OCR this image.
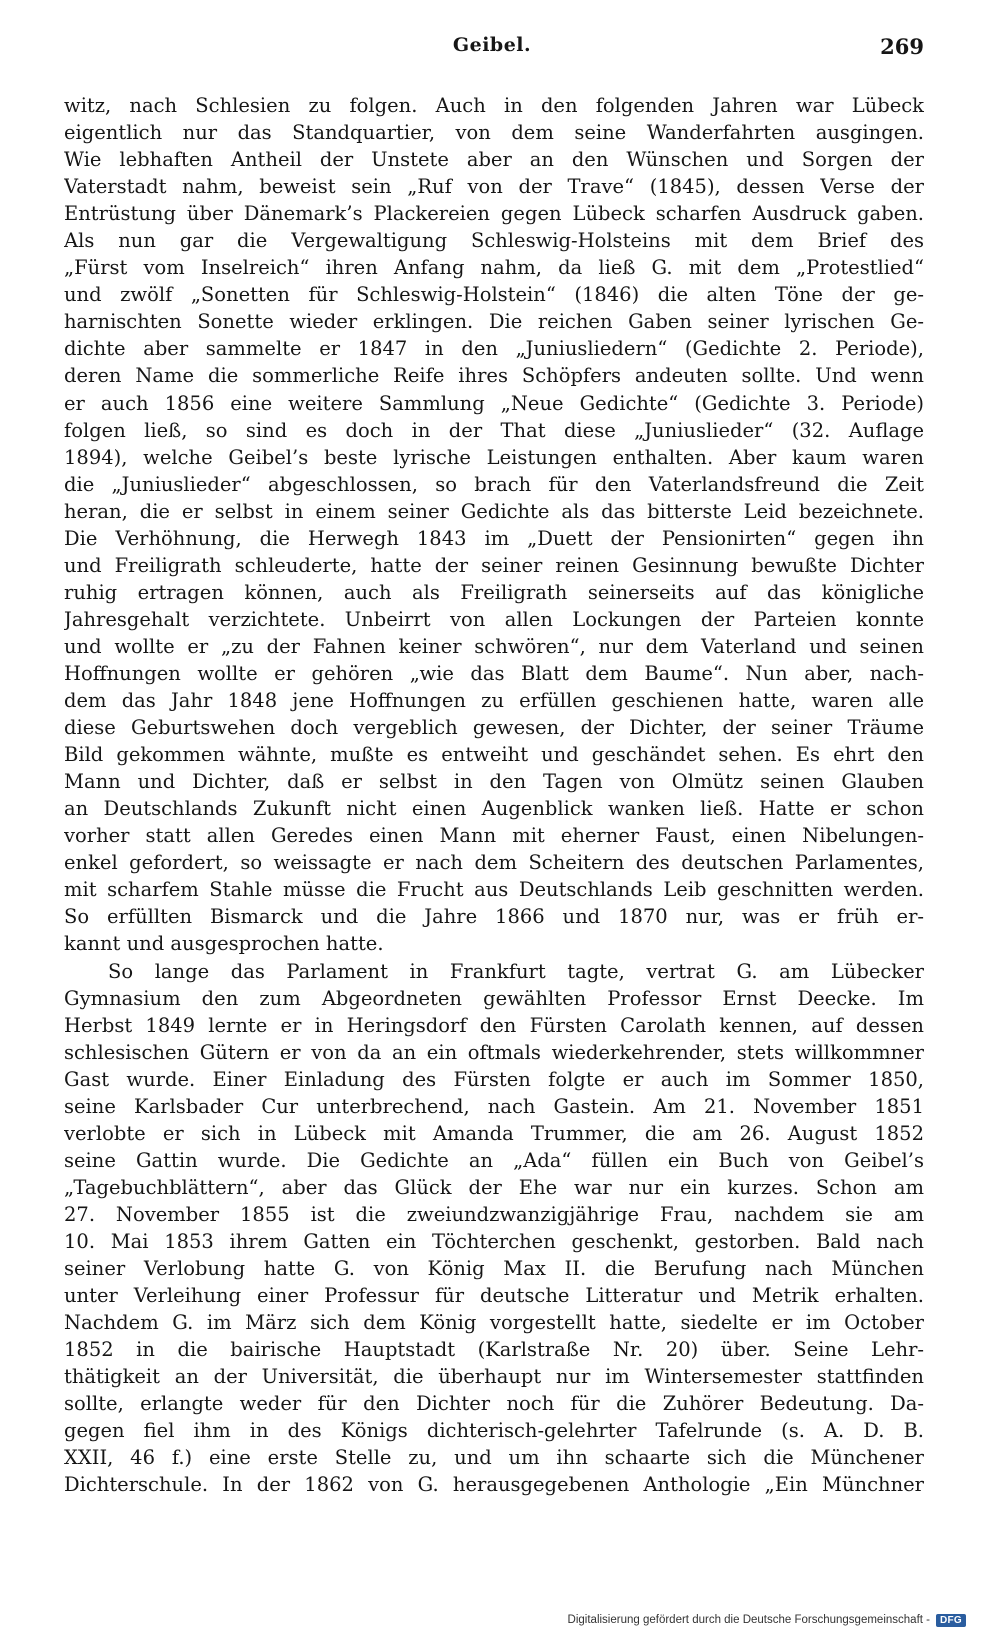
Geibel.	269
witz, nach Schlesien zu folgen. Auch in den folgenden Jahren war Lübeck
eigentlich nur das Standquartier, von dem seine Wanderfahrten ausgingen.
Wie lebhaften Antheil der Unstete aber an den Wünschen und Sorgen der
Vaterstadt nahm, beweist sein „Ruf von der Trave“ (1845), dessen Verse der
Entrüstung über Dänemark’s Plackereien gegen Lübeck scharfen Ausdruck gaben.
Als nun gar die Vergewaltigung Schleswig-Holsteins mit dem Brief des
„Fürst vom Inselreich“ ihren Anfang nahm, da ließ G. mit dem „Protestlied“
und zwölf „Sonetten für Schleswig-Holstein“ (1846) die alten Töne der ge-
harnischten Sonette wieder erklingen. Die reichen Gaben seiner lyrischen Ge-
dichte aber sammelte er 1847 in den „Juniusliedern“ (Gedichte 2. Periode),
deren Name die sommerliche Reife ihres Schöpfers andeuten sollte. Und wenn
er auch 1856 eine weitere Sammlung „Neue Gedichte“ (Gedichte 3. Periode)
folgen ließ, so sind es doch in der That diese „Juniuslieder“ (32. Auflage
1894), welche Geibel’s beste lyrische Leistungen enthalten. Aber kaum waren
die „Juniuslieder“ abgeschlossen, so brach für den Vaterlandsfreund die Zeit
heran, die er selbst in einem seiner Gedichte als das bitterste Leid bezeichnete.
Die Verhöhnung, die Herwegh 1843 im „Duett der Pensionirten“ gegen ihn
und Freiligrath schleuderte, hatte der seiner reinen Gesinnung bewußte Dichter
ruhig ertragen können, auch als Freiligrath seinerseits auf das königliche
Jahresgehalt verzichtete. Unbeirrt von allen Lockungen der Parteien konnte
und wollte er „zu der Fahnen keiner schwören“, nur dem Vaterland und seinen
Hoffnungen wollte er gehören „wie das Blatt dem Baume“. Nun aber, nach-
dem das Jahr 1848 jene Hoffnungen zu erfüllen geschienen hatte, waren alle
diese Geburtswehen doch vergeblich gewesen, der Dichter, der seiner Träume
Bild gekommen wähnte, mußte es entweiht und geschändet sehen. Es ehrt den
Mann und Dichter, daß er selbst in den Tagen von Olmütz seinen Glauben
an Deutschlands Zukunft nicht einen Augenblick wanken ließ. Hatte er schon
vorher statt allen Geredes einen Mann mit eherner Faust, einen Nibelungen-
enkel gefordert, so weissagte er nach dem Scheitern des deutschen Parlamentes,
mit scharfem Stahle müsse die Frucht aus Deutschlands Leib geschnitten werden.
So erfüllten Bismarck und die Jahre 1866 und 1870 nur, was er früh er-
kannt und ausgesprochen hatte.
So lange das Parlament in Frankfurt tagte, vertrat G. am Lübecker
Gymnasium den zum Abgeordneten gewählten Professor Ernst Deecke. Im
Herbst 1849 lernte er in Heringsdorf den Fürsten Carolath kennen, auf dessen
schlesischen Gütern er von da an ein oftmals wiederkehrender, stets willkommner
Gast wurde. Einer Einladung des Fürsten folgte er auch im Sommer 1850,
seine Karlsbader Cur unterbrechend, nach Gastein. Am 21. November 1851
verlobte er sich in Lübeck mit Amanda Trummer, die am 26. August 1852
seine Gattin wurde. Die Gedichte an „Ada“ füllen ein Buch von Geibel’s
„Tagebuchblättern“, aber das Glück der Ehe war nur ein kurzes. Schon am
27. November 1855 ist die zweiundzwanzigjährige Frau, nachdem sie am
10. Mai 1853 ihrem Gatten ein Töchterchen geschenkt, gestorben. Bald nach
seiner Verlobung hatte G. von König Max II. die Berufung nach München
unter Verleihung einer Professur für deutsche Litteratur und Metrik erhalten.
Nachdem G. im März sich dem König vorgestellt hatte, siedelte er im October
1852 in die bairische Hauptstadt (Karlstraße Nr. 20) über. Seine Lehr-
thätigkeit an der Universität, die überhaupt nur im Wintersemester stattfinden
sollte, erlangte weder für den Dichter noch für die Zuhörer Bedeutung. Da-
gegen fiel ihm in des Königs dichterisch-gelehrter Tafelrunde (s. A. D. B.
XXII, 46 f.) eine erste Stelle zu, und um ihn schaarte sich die Münchener
Dichterschule. In der 1862 von G. herausgegebenen Anthologie „Ein Münchner
Digitalisierung gefördert durch die Deutsche Forschungsgemeinschaft -	DFG
